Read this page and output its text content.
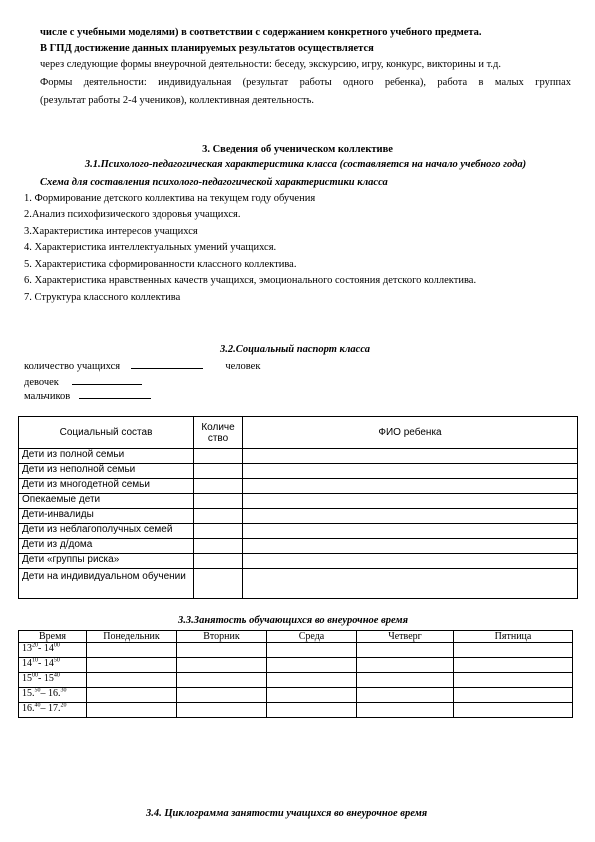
числе с учебными моделями) в соответствии с содержанием конкретного учебного предмета.
В ГПД достижение данных планируемых результатов осуществляется
через следующие формы внеурочной деятельности: беседу, экскурсию, игру, конкурс, викторины и т.д.
Формы деятельности: индивидуальная (результат работы одного ребенка), работа в малых группах
(результат работы 2-4 учеников), коллективная деятельность.
3. Сведения об ученическом коллективе
3.1.Психолого-педагогическая характеристика класса (составляется на начало учебного года)
Схема для составления психолого-педагогической характеристики класса
1. Формирование детского коллектива на текущем году обучения
2.Анализ психофизического здоровья учащихся.
3.Характеристика интересов учащихся
4. Характеристика интеллектуальных умений учащихся.
5. Характеристика сформированности классного коллектива.
6. Характеристика нравственных качеств учащихся, эмоционального состояния детского коллектива.
7. Структура классного коллектива
3.2.Социальный паспорт класса
количество учащихся	человек
девочек
мальчиков
Социальный состав	Количе ство	ФИО ребенка
Дети из полной семьи		
Дети из неполной семьи		
Дети из многодетной семьи		
Опекаемые дети		
Дети-инвалиды		
Дети из неблагополучных семей		
Дети из д/дома		
Дети «группы риска»		
Дети на индивидуальном обучении		
3.3.Занятость обучающихся во внеурочное время
Время	Понедельник	Вторник	Среда	Четверг	Пятница
$13^{20}-$ $14^{00}$					
$14^{10}-$ $14^{50}$					
$15^{00}-$ $15^{40}$					
15.50– 16.30					
16.40– 17.20					
3.4. Циклограмма занятости учащихся во внеурочное время
